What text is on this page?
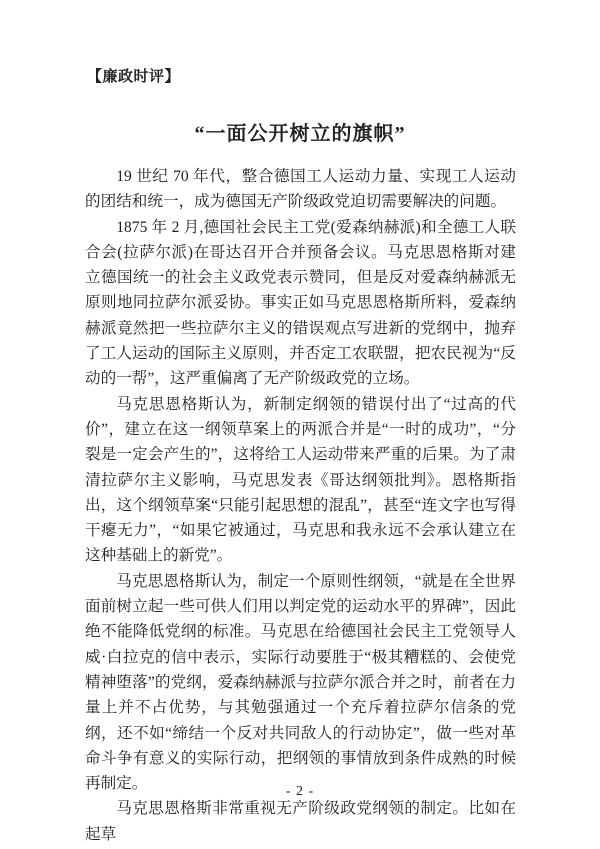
【廉政时评】
“一面公开树立的旗帜”

19 世纪 70 年代，整合德国工人运动力量、实现工人运动的团结和统一，成为德国无产阶级政党迫切需要解决的问题。

1875 年 2 月,德国社会民主工党(爱森纳赫派)和全德工人联合会(拉萨尔派)在哥达召开合并预备会议。马克思恩格斯对建立德国统一的社会主义政党表示赞同，但是反对爱森纳赫派无原则地同拉萨尔派妥协。事实正如马克思恩格斯所料，爱森纳赫派竟然把一些拉萨尔主义的错误观点写进新的党纲中，抛弃了工人运动的国际主义原则，并否定工农联盟，把农民视为“反动的一帮”，这严重偏离了无产阶级政党的立场。

马克思恩格斯认为，新制定纲领的错误付出了“过高的代价”，建立在这一纲领草案上的两派合并是“一时的成功”，“分裂是一定会产生的”，这将给工人运动带来严重的后果。为了肃清拉萨尔主义影响，马克思发表《哥达纲领批判》。恩格斯指出，这个纲领草案“只能引起思想的混乱”，甚至“连文字也写得干瘪无力”，“如果它被通过，马克思和我永远不会承认建立在这种基础上的新党”。

马克思恩格斯认为，制定一个原则性纲领，“就是在全世界面前树立起一些可供人们用以判定党的运动水平的界碑”，因此绝不能降低党纲的标准。马克思在给德国社会民主工党领导人威·白拉克的信中表示，实际行动要胜于“极其糟糕的、会使党精神堕落”的党纲，爱森纳赫派与拉萨尔派合并之时，前者在力量上并不占优势，与其勉强通过一个充斥着拉萨尔信条的党纲，还不如“缔结一个反对共同敌人的行动协定”，做一些对革命斗争有意义的实际行动，把纲领的事情放到条件成熟的时候再制定。

马克思恩格斯非常重视无产阶级政党纲领的制定。比如在起草

- 2 -
